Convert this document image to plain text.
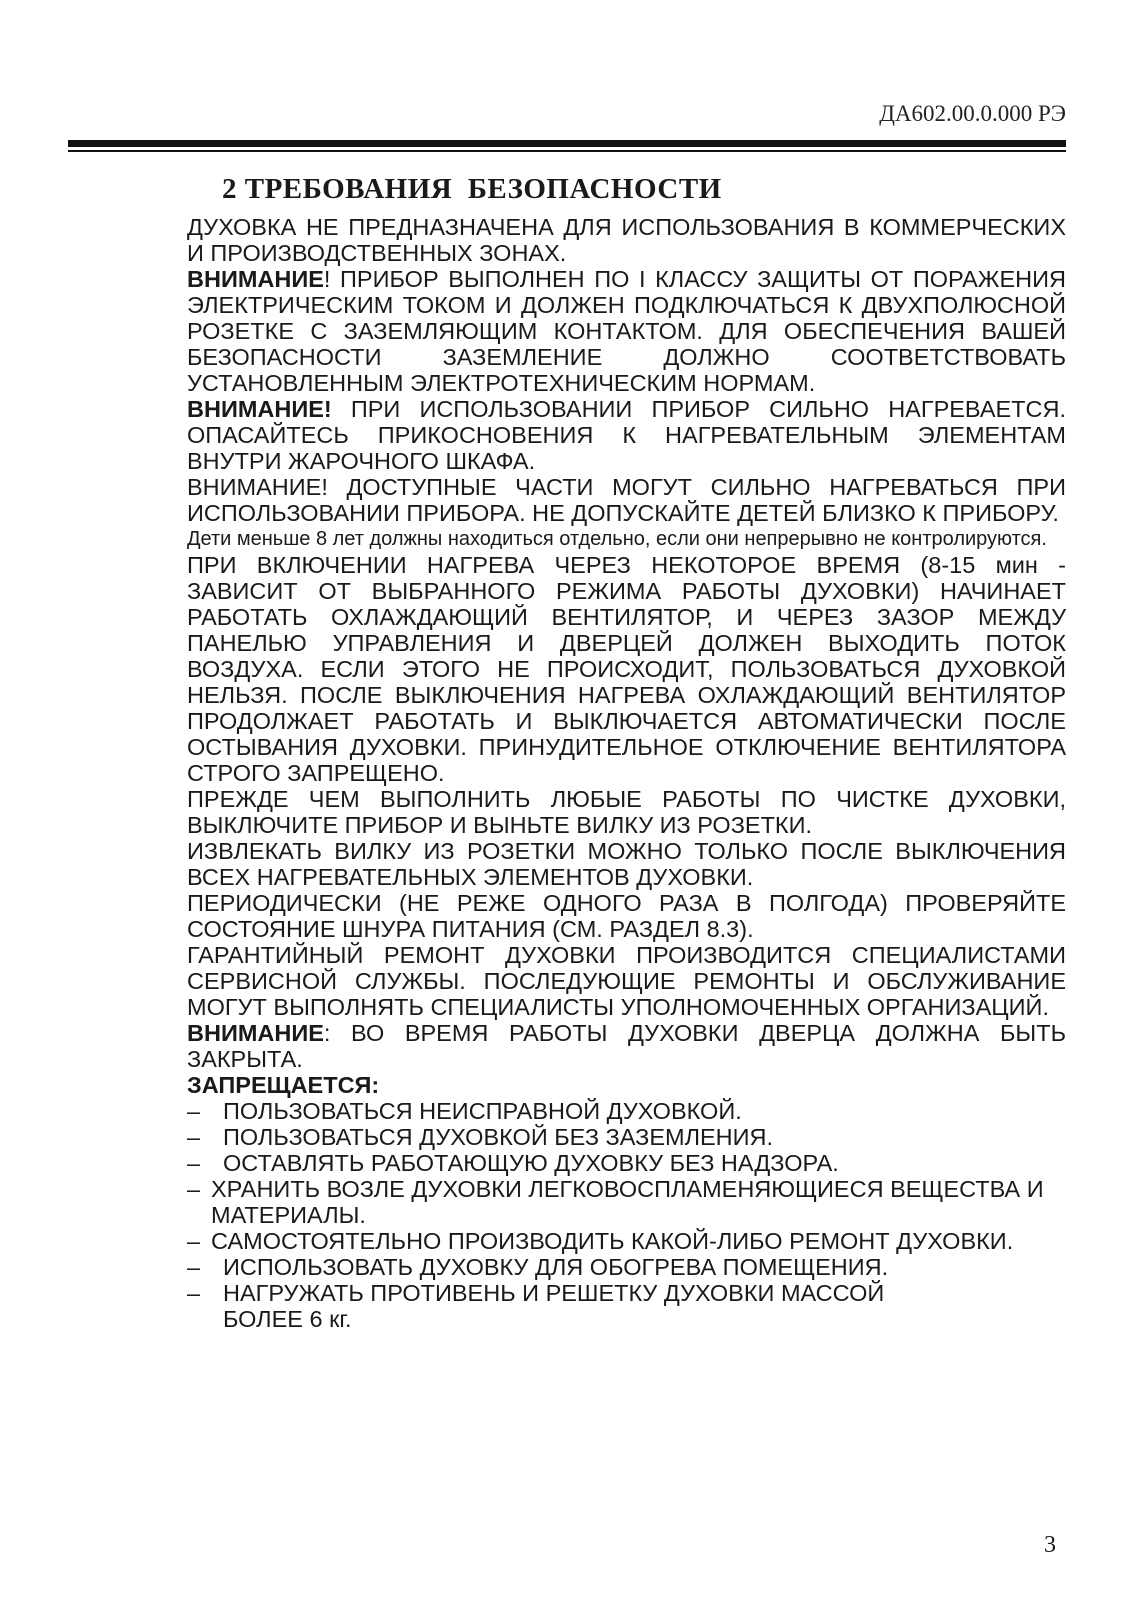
ДА602.00.0.000 РЭ
2 ТРЕБОВАНИЯ  БЕЗОПАСНОСТИ

ДУХОВКА НЕ ПРЕДНАЗНАЧЕНА ДЛЯ ИСПОЛЬЗОВАНИЯ В КОММЕРЧЕСКИХ И ПРОИЗВОДСТВЕННЫХ ЗОНАХ.

ВНИМАНИЕ! ПРИБОР ВЫПОЛНЕН ПО I КЛАССУ ЗАЩИТЫ ОТ ПОРАЖЕНИЯ ЭЛЕКТРИЧЕСКИМ ТОКОМ И ДОЛЖЕН ПОДКЛЮЧАТЬСЯ К ДВУХПОЛЮСНОЙ РОЗЕТКЕ С ЗАЗЕМЛЯЮЩИМ КОНТАКТОМ. ДЛЯ ОБЕСПЕЧЕНИЯ ВАШЕЙ БЕЗОПАСНОСТИ ЗАЗЕМЛЕНИЕ ДОЛЖНО СООТВЕТСТВОВАТЬ УСТАНОВЛЕННЫМ ЭЛЕКТРОТЕХНИЧЕСКИМ НОРМАМ.

ВНИМАНИЕ! ПРИ ИСПОЛЬЗОВАНИИ ПРИБОР СИЛЬНО НАГРЕВАЕТСЯ. ОПАСАЙТЕСЬ ПРИКОСНОВЕНИЯ К НАГРЕВАТЕЛЬНЫМ ЭЛЕМЕНТАМ ВНУТРИ ЖАРОЧНОГО ШКАФА.

ВНИМАНИЕ! ДОСТУПНЫЕ ЧАСТИ МОГУТ СИЛЬНО НАГРЕВАТЬСЯ ПРИ ИСПОЛЬЗОВАНИИ ПРИБОРА. НЕ ДОПУСКАЙТЕ ДЕТЕЙ БЛИЗКО К ПРИБОРУ.

Дети меньше 8 лет должны находиться отдельно, если они непрерывно не контролируются.

ПРИ ВКЛЮЧЕНИИ НАГРЕВА ЧЕРЕЗ НЕКОТОРОЕ ВРЕМЯ (8-15 мин - ЗАВИСИТ ОТ ВЫБРАННОГО РЕЖИМА РАБОТЫ ДУХОВКИ) НАЧИНАЕТ РАБОТАТЬ ОХЛАЖДАЮЩИЙ ВЕНТИЛЯТОР, И ЧЕРЕЗ ЗАЗОР МЕЖДУ ПАНЕЛЬЮ УПРАВЛЕНИЯ И ДВЕРЦЕЙ ДОЛЖЕН ВЫХОДИТЬ ПОТОК ВОЗДУХА. ЕСЛИ ЭТОГО НЕ ПРОИСХОДИТ, ПОЛЬЗОВАТЬСЯ ДУХОВКОЙ НЕЛЬЗЯ. ПОСЛЕ ВЫКЛЮЧЕНИЯ НАГРЕВА ОХЛАЖДАЮЩИЙ ВЕНТИЛЯТОР ПРОДОЛЖАЕТ РАБОТАТЬ И ВЫКЛЮЧАЕТСЯ АВТОМАТИЧЕСКИ ПОСЛЕ ОСТЫВАНИЯ ДУХОВКИ. ПРИНУДИТЕЛЬНОЕ ОТКЛЮЧЕНИЕ ВЕНТИЛЯТОРА СТРОГО ЗАПРЕЩЕНО.

ПРЕЖДЕ ЧЕМ ВЫПОЛНИТЬ ЛЮБЫЕ РАБОТЫ ПО ЧИСТКЕ ДУХОВКИ, ВЫКЛЮЧИТЕ ПРИБОР И ВЫНЬТЕ ВИЛКУ ИЗ РОЗЕТКИ.

ИЗВЛЕКАТЬ ВИЛКУ ИЗ РОЗЕТКИ МОЖНО ТОЛЬКО ПОСЛЕ ВЫКЛЮЧЕНИЯ ВСЕХ НАГРЕВАТЕЛЬНЫХ ЭЛЕМЕНТОВ ДУХОВКИ.

ПЕРИОДИЧЕСКИ (НЕ РЕЖЕ ОДНОГО РАЗА В ПОЛГОДА) ПРОВЕРЯЙТЕ СОСТОЯНИЕ ШНУРА ПИТАНИЯ (СМ. РАЗДЕЛ 8.3).

ГАРАНТИЙНЫЙ РЕМОНТ ДУХОВКИ ПРОИЗВОДИТСЯ СПЕЦИАЛИСТАМИ СЕРВИСНОЙ СЛУЖБЫ. ПОСЛЕДУЮЩИЕ РЕМОНТЫ И ОБСЛУЖИВАНИЕ МОГУТ ВЫПОЛНЯТЬ СПЕЦИАЛИСТЫ УПОЛНОМОЧЕННЫХ ОРГАНИЗАЦИЙ.

ВНИМАНИЕ: ВО ВРЕМЯ РАБОТЫ ДУХОВКИ ДВЕРЦА ДОЛЖНА БЫТЬ ЗАКРЫТА.

ЗАПРЕЩАЕТСЯ:

– ПОЛЬЗОВАТЬСЯ НЕИСПРАВНОЙ ДУХОВКОЙ.

– ПОЛЬЗОВАТЬСЯ ДУХОВКОЙ БЕЗ ЗАЗЕМЛЕНИЯ.

– ОСТАВЛЯТЬ РАБОТАЮЩУЮ ДУХОВКУ БЕЗ НАДЗОРА.

– ХРАНИТЬ ВОЗЛЕ ДУХОВКИ ЛЕГКОВОСПЛАМЕНЯЮЩИЕСЯ ВЕЩЕСТВА И МАТЕРИАЛЫ.

– САМОСТОЯТЕЛЬНО ПРОИЗВОДИТЬ КАКОЙ-ЛИБО РЕМОНТ ДУХОВКИ.

– ИСПОЛЬЗОВАТЬ ДУХОВКУ ДЛЯ ОБОГРЕВА ПОМЕЩЕНИЯ.

– НАГРУЖАТЬ ПРОТИВЕНЬ И РЕШЕТКУ ДУХОВКИ МАССОЙ БОЛЕЕ 6 кг.

3
